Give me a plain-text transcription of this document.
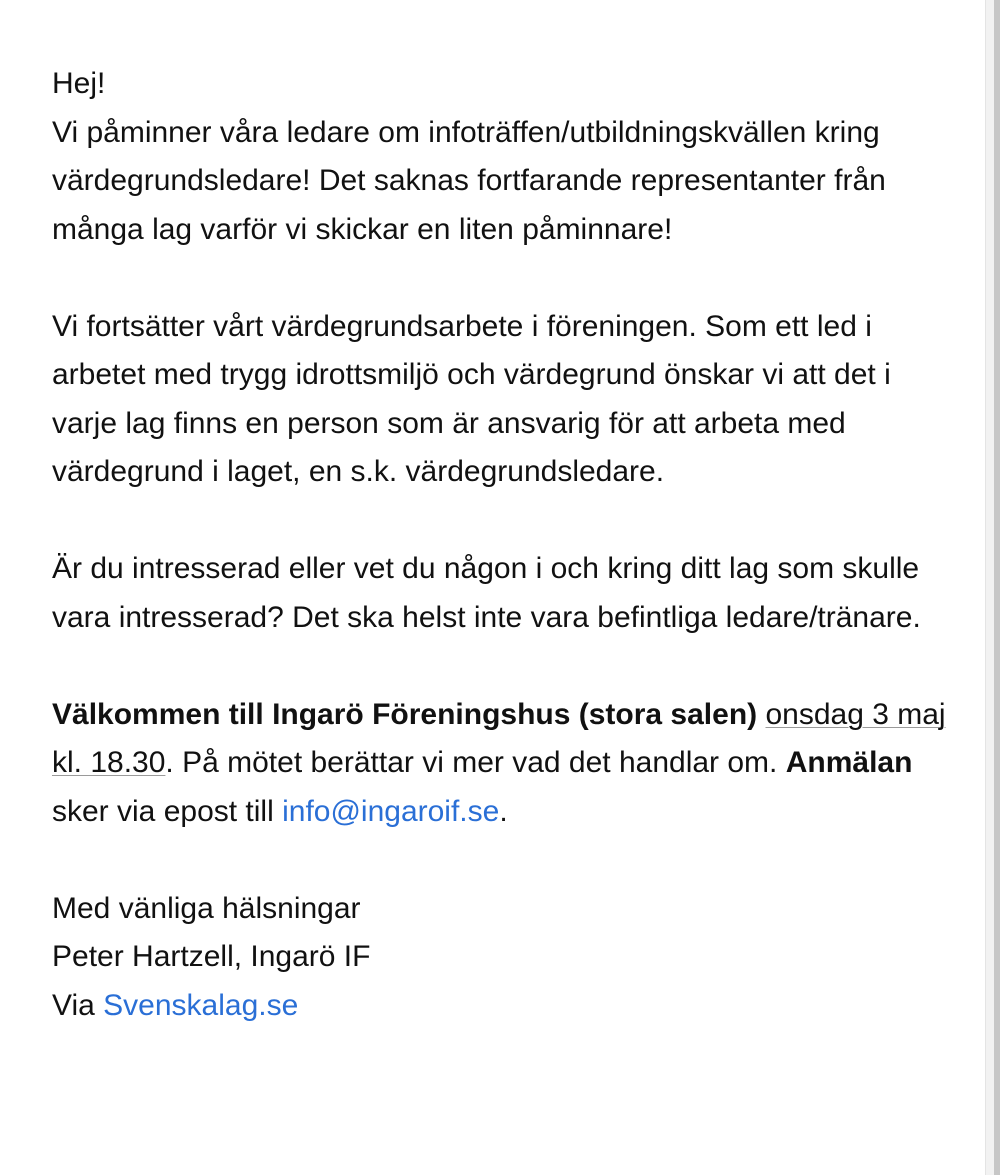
Hej!

Vi påminner våra ledare om infoträffen/utbildningskvällen kring värdegrundsledare! Det saknas fortfarande representanter från många lag varför vi skickar en liten påminnare!

Vi fortsätter vårt värdegrundsarbete i föreningen. Som ett led i arbetet med trygg idrottsmiljö och värdegrund önskar vi att det i varje lag finns en person som är ansvarig för att arbeta med värdegrund i laget, en s.k. värdegrundsledare.

Är du intresserad eller vet du någon i och kring ditt lag som skulle vara intresserad? Det ska helst inte vara befintliga ledare/tränare.

Välkommen till Ingarö Föreningshus (stora salen) onsdag 3 maj kl. 18.30. På mötet berättar vi mer vad det handlar om. Anmälan sker via epost till info@ingaroif.se.

Med vänliga hälsningar

Peter Hartzell, Ingarö IF

Via Svenskalag.se
